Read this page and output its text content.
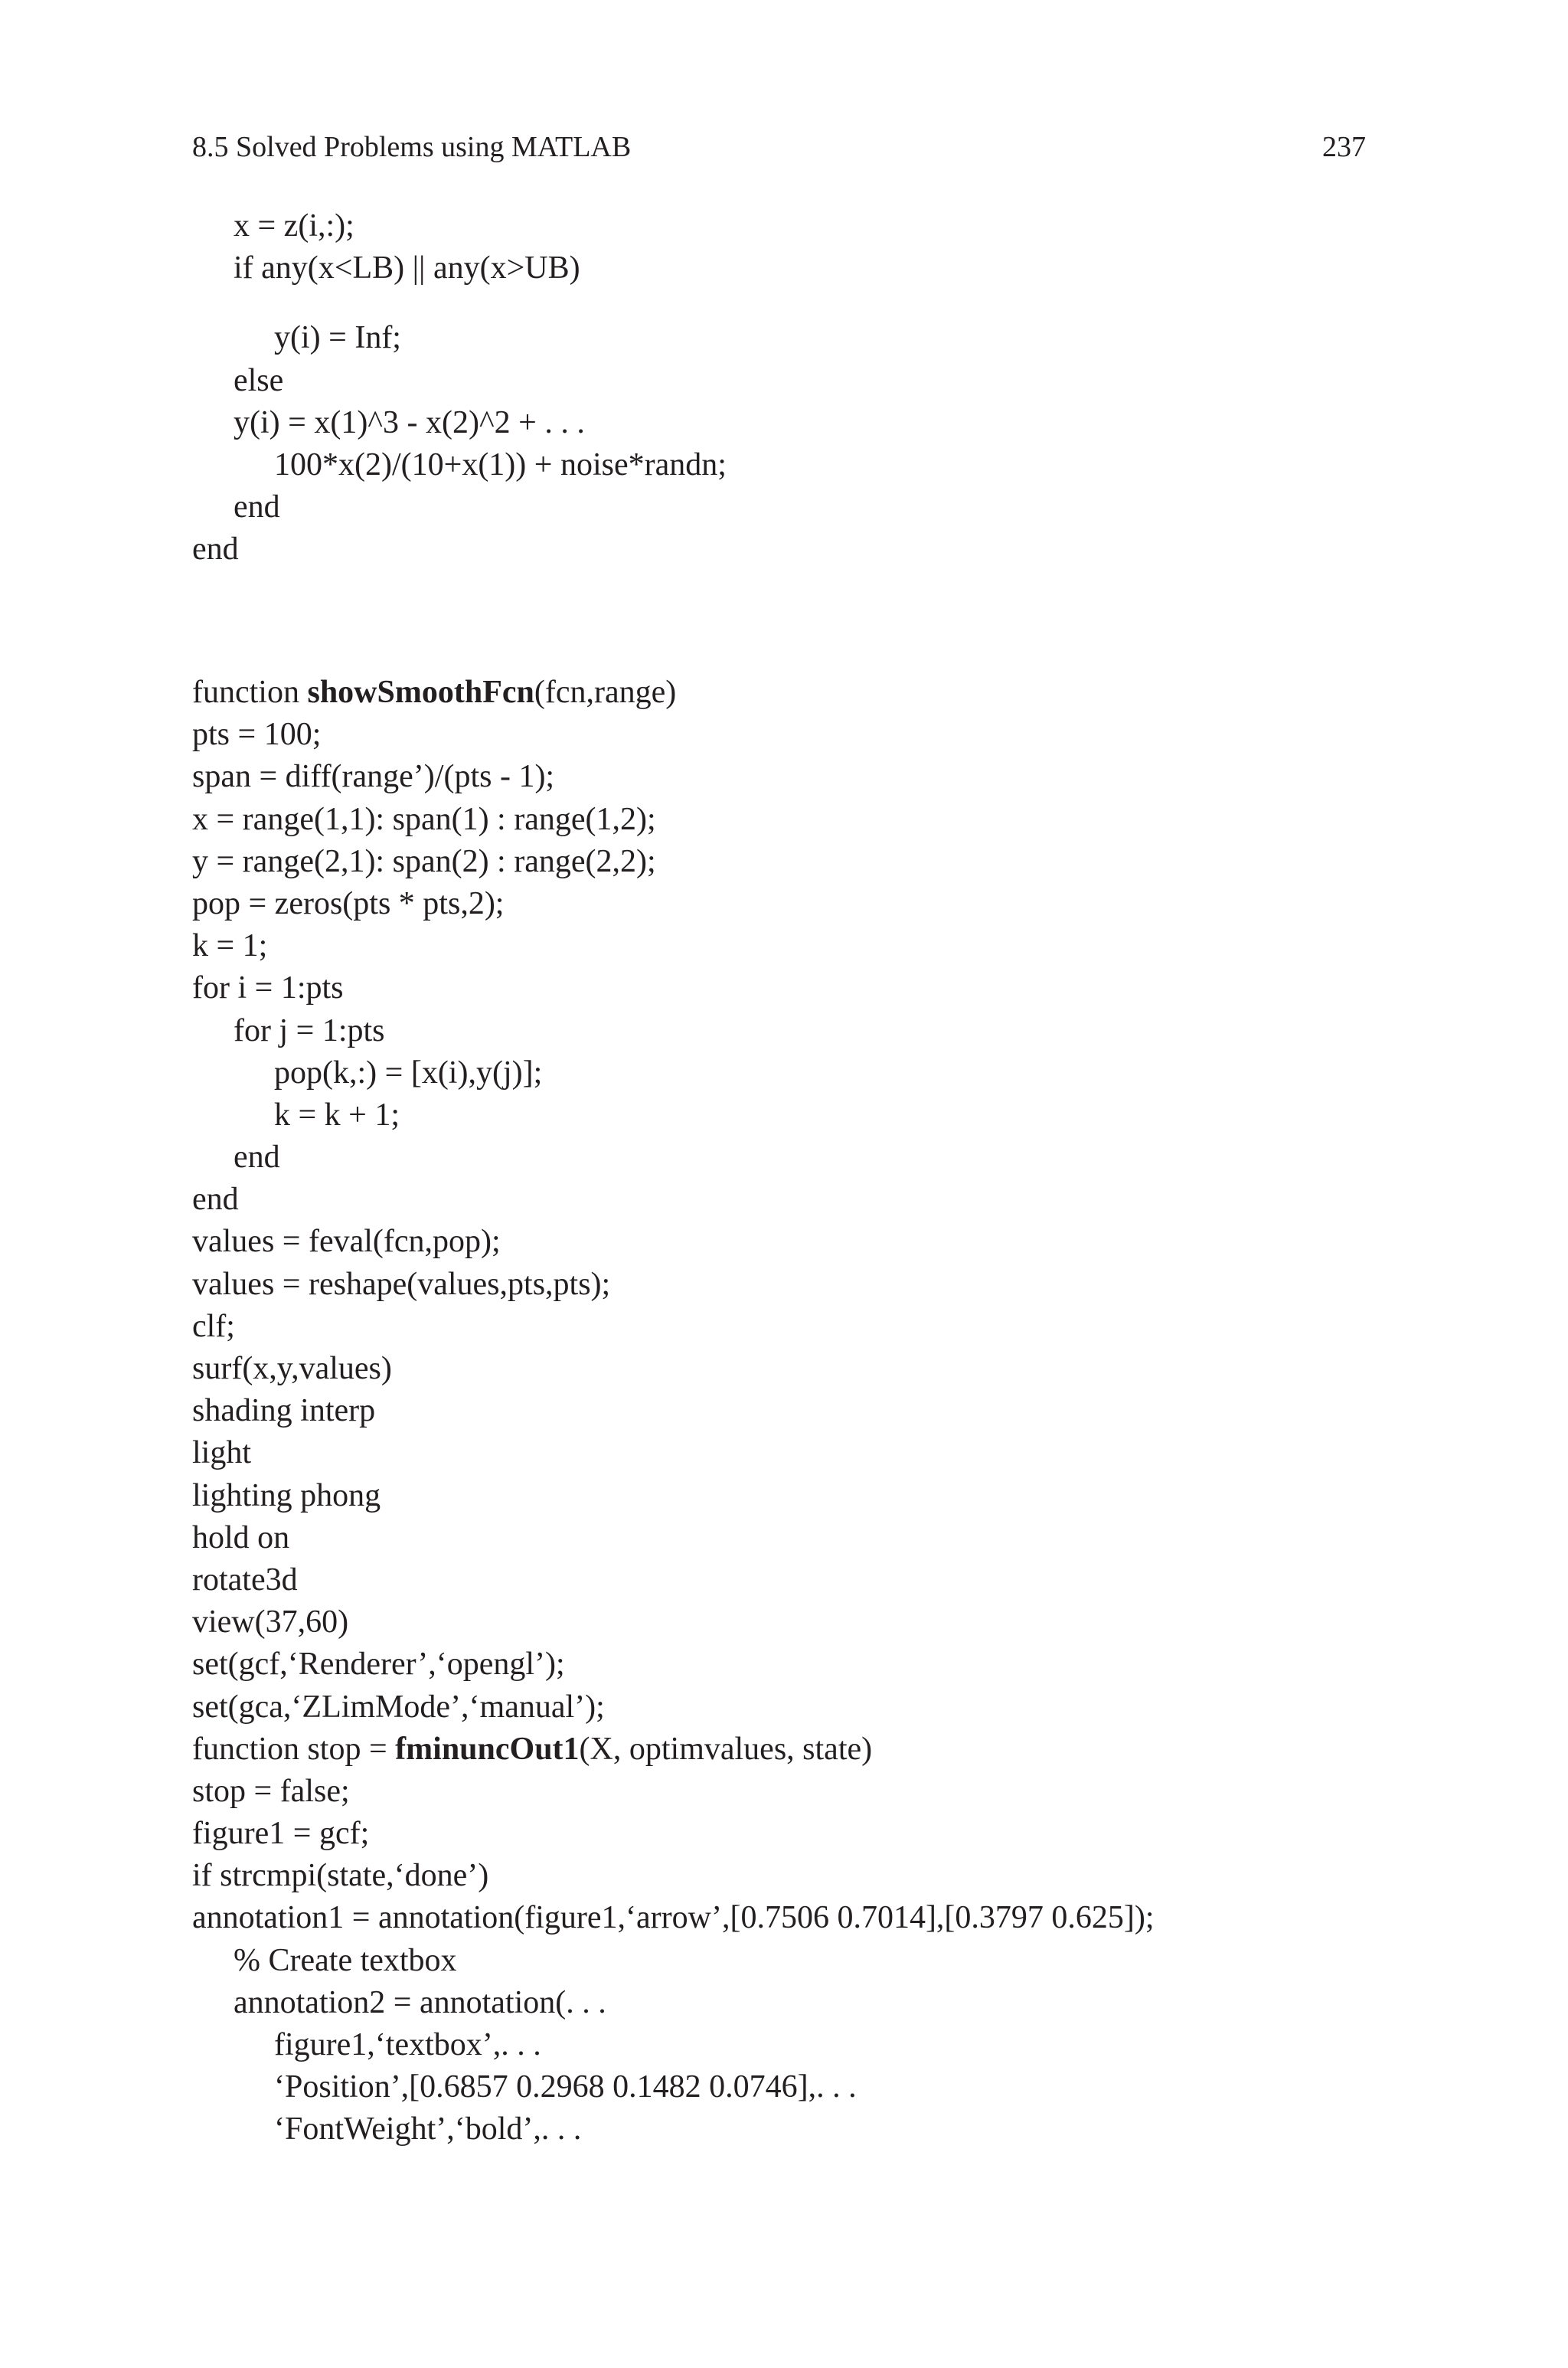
8.5 Solved Problems using MATLAB	237
x = z(i,:);
if any(x<LB) || any(x>UB)
y(i) = Inf;
else
y(i) = x(1)^3 - x(2)^2 + . . .
100*x(2)/(10+x(1)) + noise*randn;
end
end
function showSmoothFcn(fcn,range)
pts = 100;
span = diff(range’)/(pts - 1);
x = range(1,1): span(1) : range(1,2);
y = range(2,1): span(2) : range(2,2);
pop = zeros(pts * pts,2);
k = 1;
for i = 1:pts
for j = 1:pts
pop(k,:) = [x(i),y(j)];
k = k + 1;
end
end
values = feval(fcn,pop);
values = reshape(values,pts,pts);
clf;
surf(x,y,values)
shading interp
light
lighting phong
hold on
rotate3d
view(37,60)
set(gcf,‘Renderer’,‘opengl’);
set(gca,‘ZLimMode’,‘manual’);
function stop = fminuncOut1(X, optimvalues, state)
stop = false;
figure1 = gcf;
if strcmpi(state,‘done’)
annotation1 = annotation(figure1,‘arrow’,[0.7506 0.7014],[0.3797 0.625]);
% Create textbox
annotation2 = annotation(. . .
figure1,‘textbox’,. . .
‘Position’,[0.6857 0.2968 0.1482 0.0746],. . .
‘FontWeight’,‘bold’,. . .
